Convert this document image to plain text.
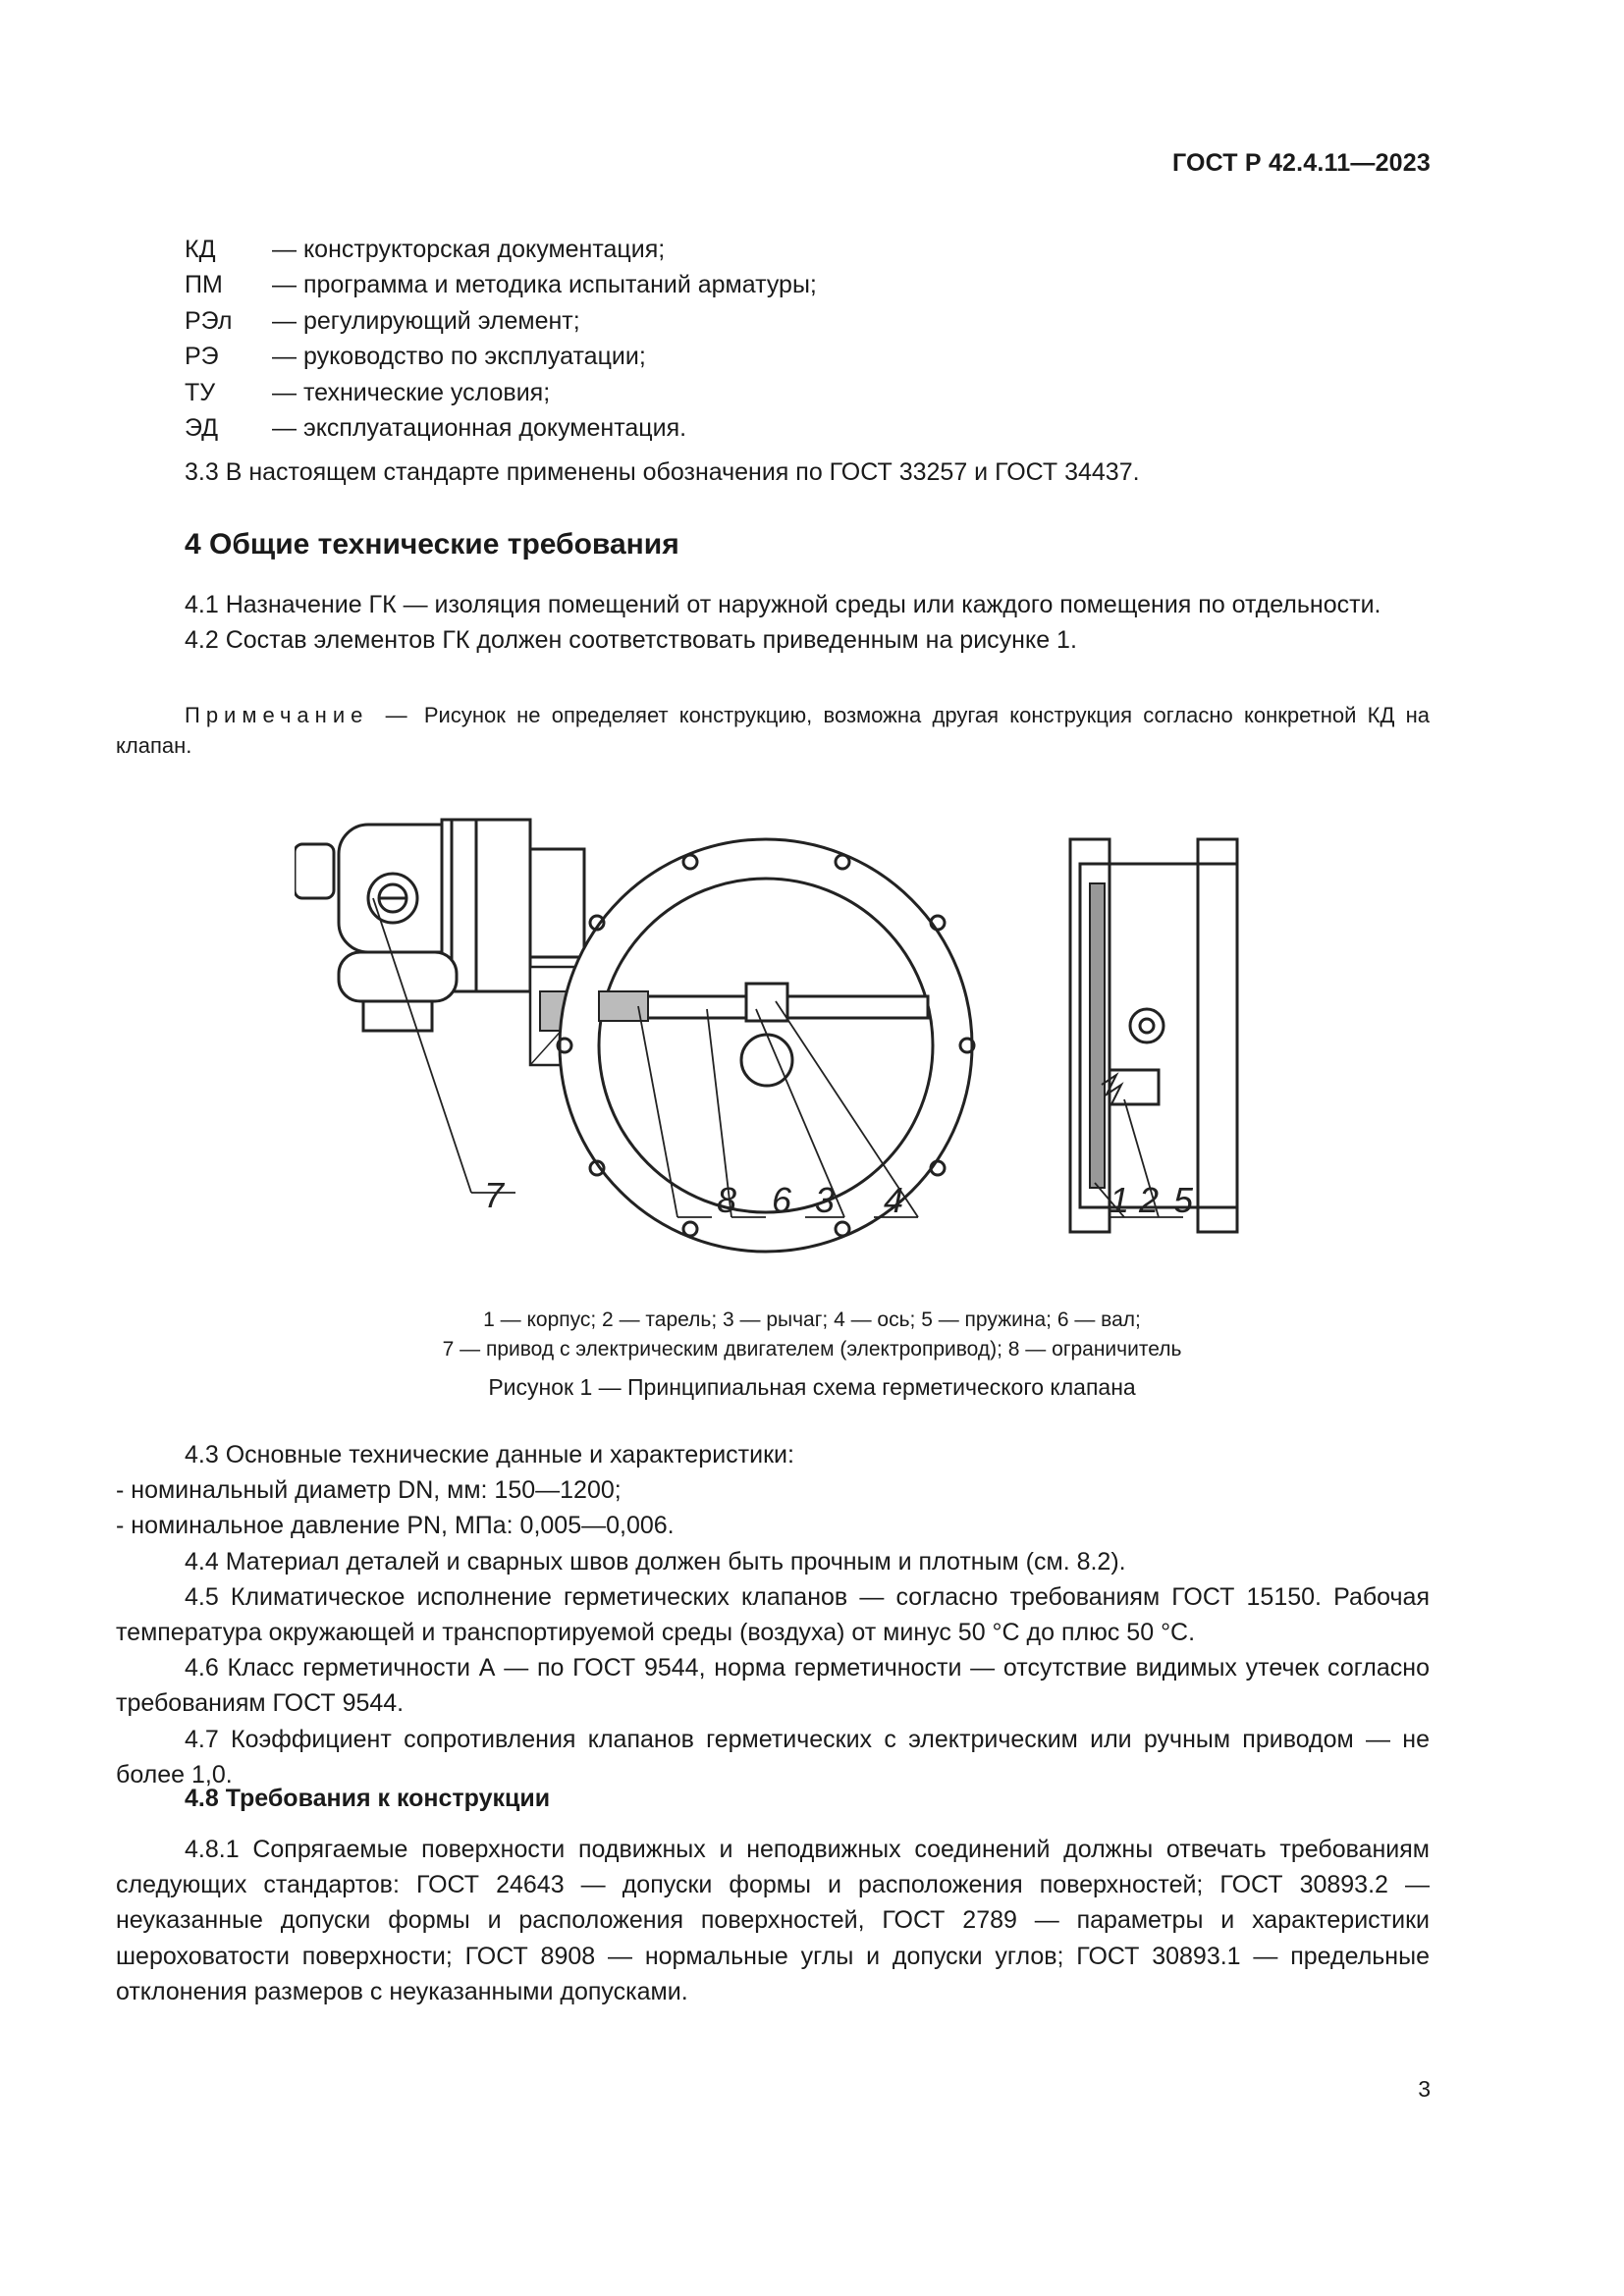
ГОСТ Р 42.4.11—2023
КД — конструкторская документация;
ПМ — программа и методика испытаний арматуры;
РЭл — регулирующий элемент;
РЭ — руководство по эксплуатации;
ТУ — технические условия;
ЭД — эксплуатационная документация.

3.3 В настоящем стандарте применены обозначения по ГОСТ 33257 и ГОСТ 34437.

4 Общие технические требования

4.1 Назначение ГК — изоляция помещений от наружной среды или каждого помещения по отдельности.

4.2 Состав элементов ГК должен соответствовать приведенным на рисунке 1.

Примечание — Рисунок не определяет конструкцию, возможна другая конструкция согласно конкретной КД на клапан.
7	8 6 3 4	1 2 5
1 — корпус; 2 — тарель; 3 — рычаг; 4 — ось; 5 — пружина; 6 — вал;
7 — привод с электрическим двигателем (электропривод); 8 — ограничитель
Рисунок 1 — Принципиальная схема герметического клапана

4.3 Основные технические данные и характеристики:

- номинальный диаметр DN, мм: 150—1200;

- номинальное давление PN, МПа: 0,005—0,006.

4.4 Материал деталей и сварных швов должен быть прочным и плотным (см. 8.2).

4.5 Климатическое исполнение герметических клапанов — согласно требованиям ГОСТ 15150. Рабочая температура окружающей и транспортируемой среды (воздуха) от минус 50 °С до плюс 50 °С.

4.6 Класс герметичности А — по ГОСТ 9544, норма герметичности — отсутствие видимых утечек согласно требованиям ГОСТ 9544.

4.7 Коэффициент сопротивления клапанов герметических с электрическим или ручным приводом — не более 1,0.

4.8 Требования к конструкции

4.8.1 Сопрягаемые поверхности подвижных и неподвижных соединений должны отвечать требованиям следующих стандартов: ГОСТ 24643 — допуски формы и расположения поверхностей; ГОСТ 30893.2 — неуказанные допуски формы и расположения поверхностей, ГОСТ 2789 — параметры и характеристики шероховатости поверхности; ГОСТ 8908 — нормальные углы и допуски углов; ГОСТ 30893.1 — предельные отклонения размеров с неуказанными допусками.

3
